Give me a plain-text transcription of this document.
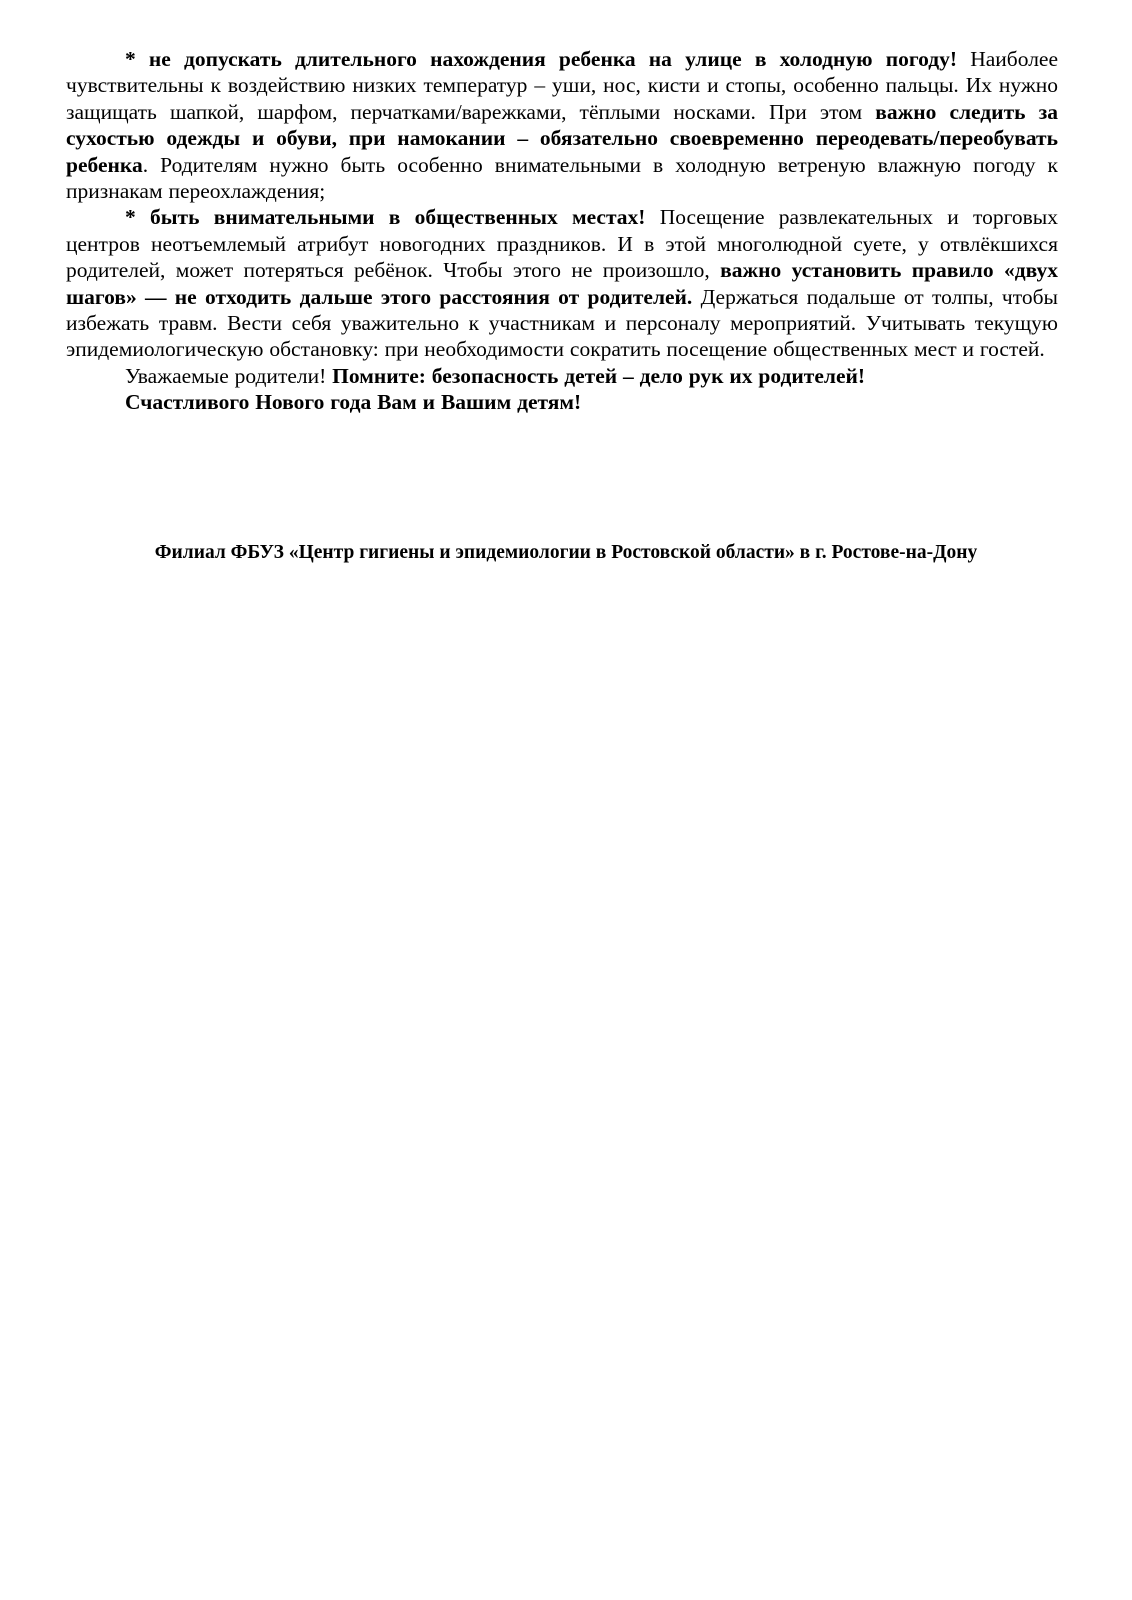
* не допускать длительного нахождения ребенка на улице в холодную погоду! Наиболее чувствительны к воздействию низких температур – уши, нос, кисти и стопы, особенно пальцы. Их нужно защищать шапкой, шарфом, перчатками/варежками, тёплыми носками. При этом важно следить за сухостью одежды и обуви, при намокании – обязательно своевременно переодевать/переобувать ребенка. Родителям нужно быть особенно внимательными в холодную ветреную влажную погоду к признакам переохлаждения;

* быть внимательными в общественных местах! Посещение развлекательных и торговых центров неотъемлемый атрибут новогодних праздников. И в этой многолюдной суете, у отвлёкшихся родителей, может потеряться ребёнок. Чтобы этого не произошло, важно установить правило «двух шагов» — не отходить дальше этого расстояния от родителей. Держаться подальше от толпы, чтобы избежать травм. Вести себя уважительно к участникам и персоналу мероприятий. Учитывать текущую эпидемиологическую обстановку: при необходимости сократить посещение общественных мест и гостей.

Уважаемые родители! Помните: безопасность детей – дело рук их родителей!

Счастливого Нового года Вам и Вашим детям!

Филиал ФБУЗ «Центр гигиены и эпидемиологии в Ростовской области» в г. Ростове-на-Дону
